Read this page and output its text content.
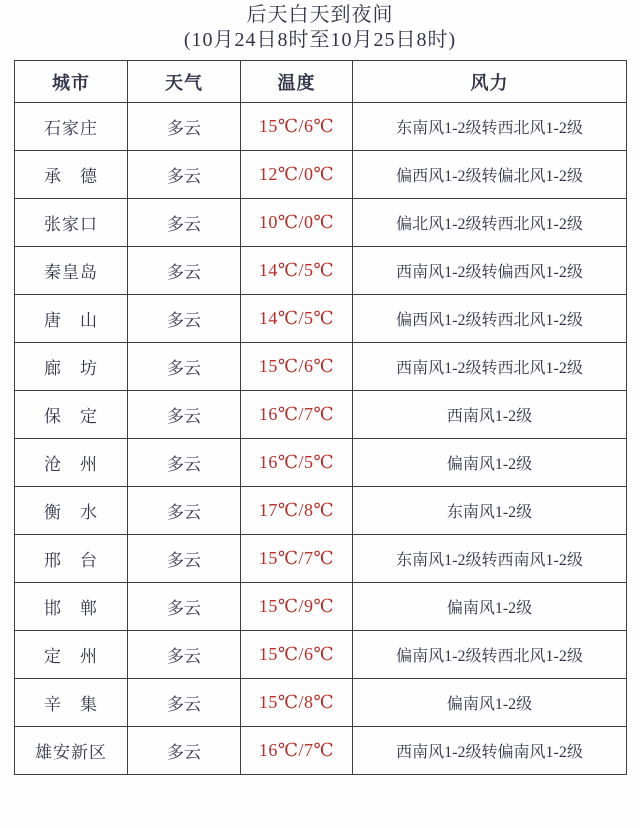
后天白天到夜间
(10月24日8时至10月25日8时)
城市	天气	温度	风力
石家庄	多云	15℃/6℃	东南风1-2级转西北风1-2级
承　德	多云	12℃/0℃	偏西风1-2级转偏北风1-2级
张家口	多云	10℃/0℃	偏北风1-2级转西北风1-2级
秦皇岛	多云	14℃/5℃	西南风1-2级转偏西风1-2级
唐　山	多云	14℃/5℃	偏西风1-2级转西北风1-2级
廊　坊	多云	15℃/6℃	西南风1-2级转西北风1-2级
保　定	多云	16℃/7℃	西南风1-2级
沧　州	多云	16℃/5℃	偏南风1-2级
衡　水	多云	17℃/8℃	东南风1-2级
邢　台	多云	15℃/7℃	东南风1-2级转西南风1-2级
邯　郸	多云	15℃/9℃	偏南风1-2级
定　州	多云	15℃/6℃	偏南风1-2级转西北风1-2级
辛　集	多云	15℃/8℃	偏南风1-2级
雄安新区	多云	16℃/7℃	西南风1-2级转偏南风1-2级
